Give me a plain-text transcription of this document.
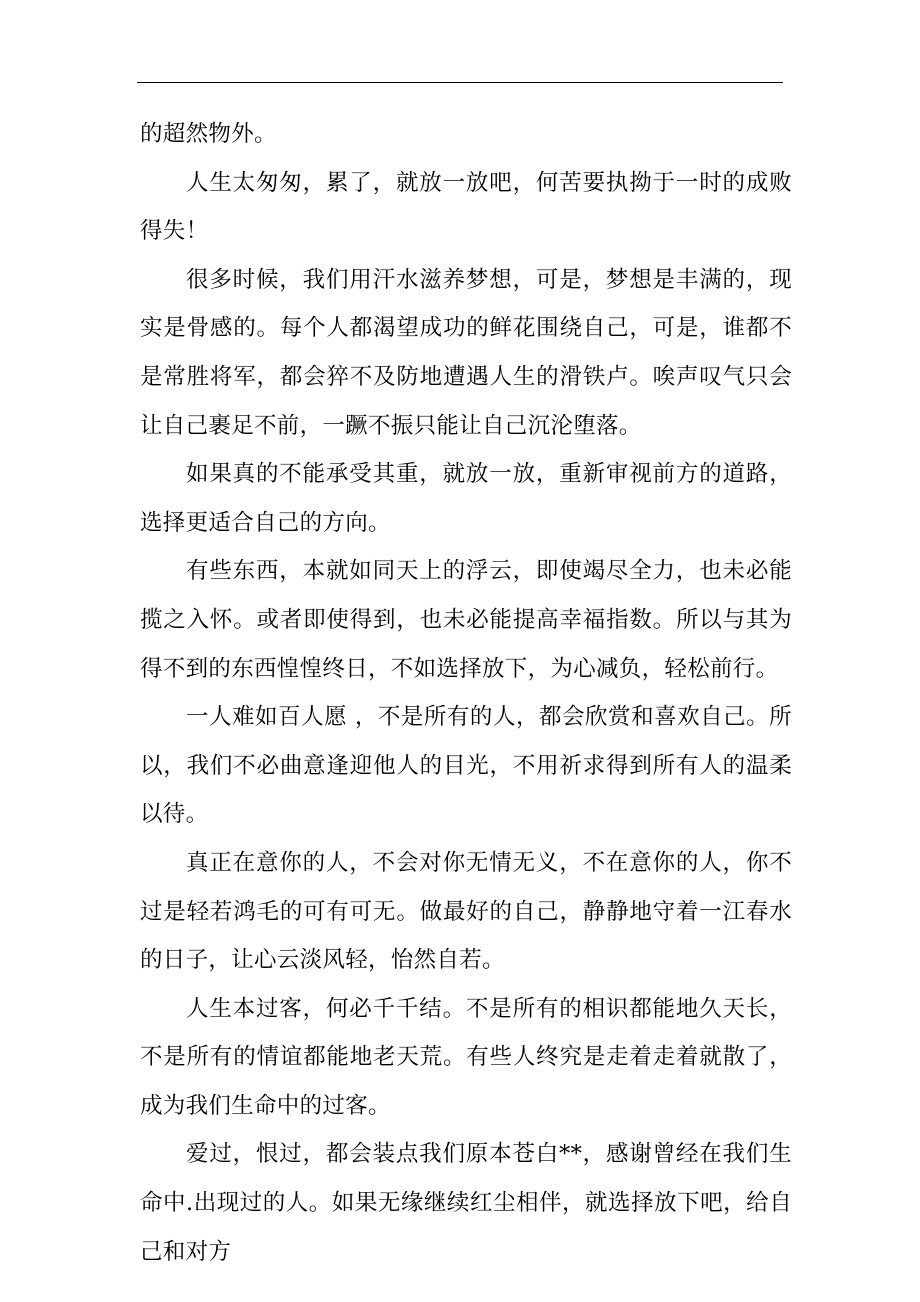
的超然物外。

人生太匆匆，累了，就放一放吧，何苦要执拗于一时的成败得失！

很多时候，我们用汗水滋养梦想，可是，梦想是丰满的，现实是骨感的。每个人都渴望成功的鲜花围绕自己，可是，谁都不是常胜将军，都会猝不及防地遭遇人生的滑铁卢。唉声叹气只会让自己裹足不前，一蹶不振只能让自己沉沦堕落。

如果真的不能承受其重，就放一放，重新审视前方的道路，选择更适合自己的方向。

有些东西，本就如同天上的浮云，即使竭尽全力，也未必能揽之入怀。或者即使得到，也未必能提高幸福指数。所以与其为得不到的东西惶惶终日，不如选择放下，为心减负，轻松前行。

一人难如百人愿 ，不是所有的人，都会欣赏和喜欢自己。所以，我们不必曲意逢迎他人的目光，不用祈求得到所有人的温柔以待。

真正在意你的人，不会对你无情无义，不在意你的人，你不过是轻若鸿毛的可有可无。做最好的自己，静静地守着一江春水的日子，让心云淡风轻，怡然自若。

人生本过客，何必千千结。不是所有的相识都能地久天长，不是所有的情谊都能地老天荒。有些人终究是走着走着就散了，成为我们生命中的过客。

爱过，恨过，都会装点我们原本苍白**，感谢曾经在我们生命中.出现过的人。如果无缘继续红尘相伴，就选择放下吧，给自己和对方
